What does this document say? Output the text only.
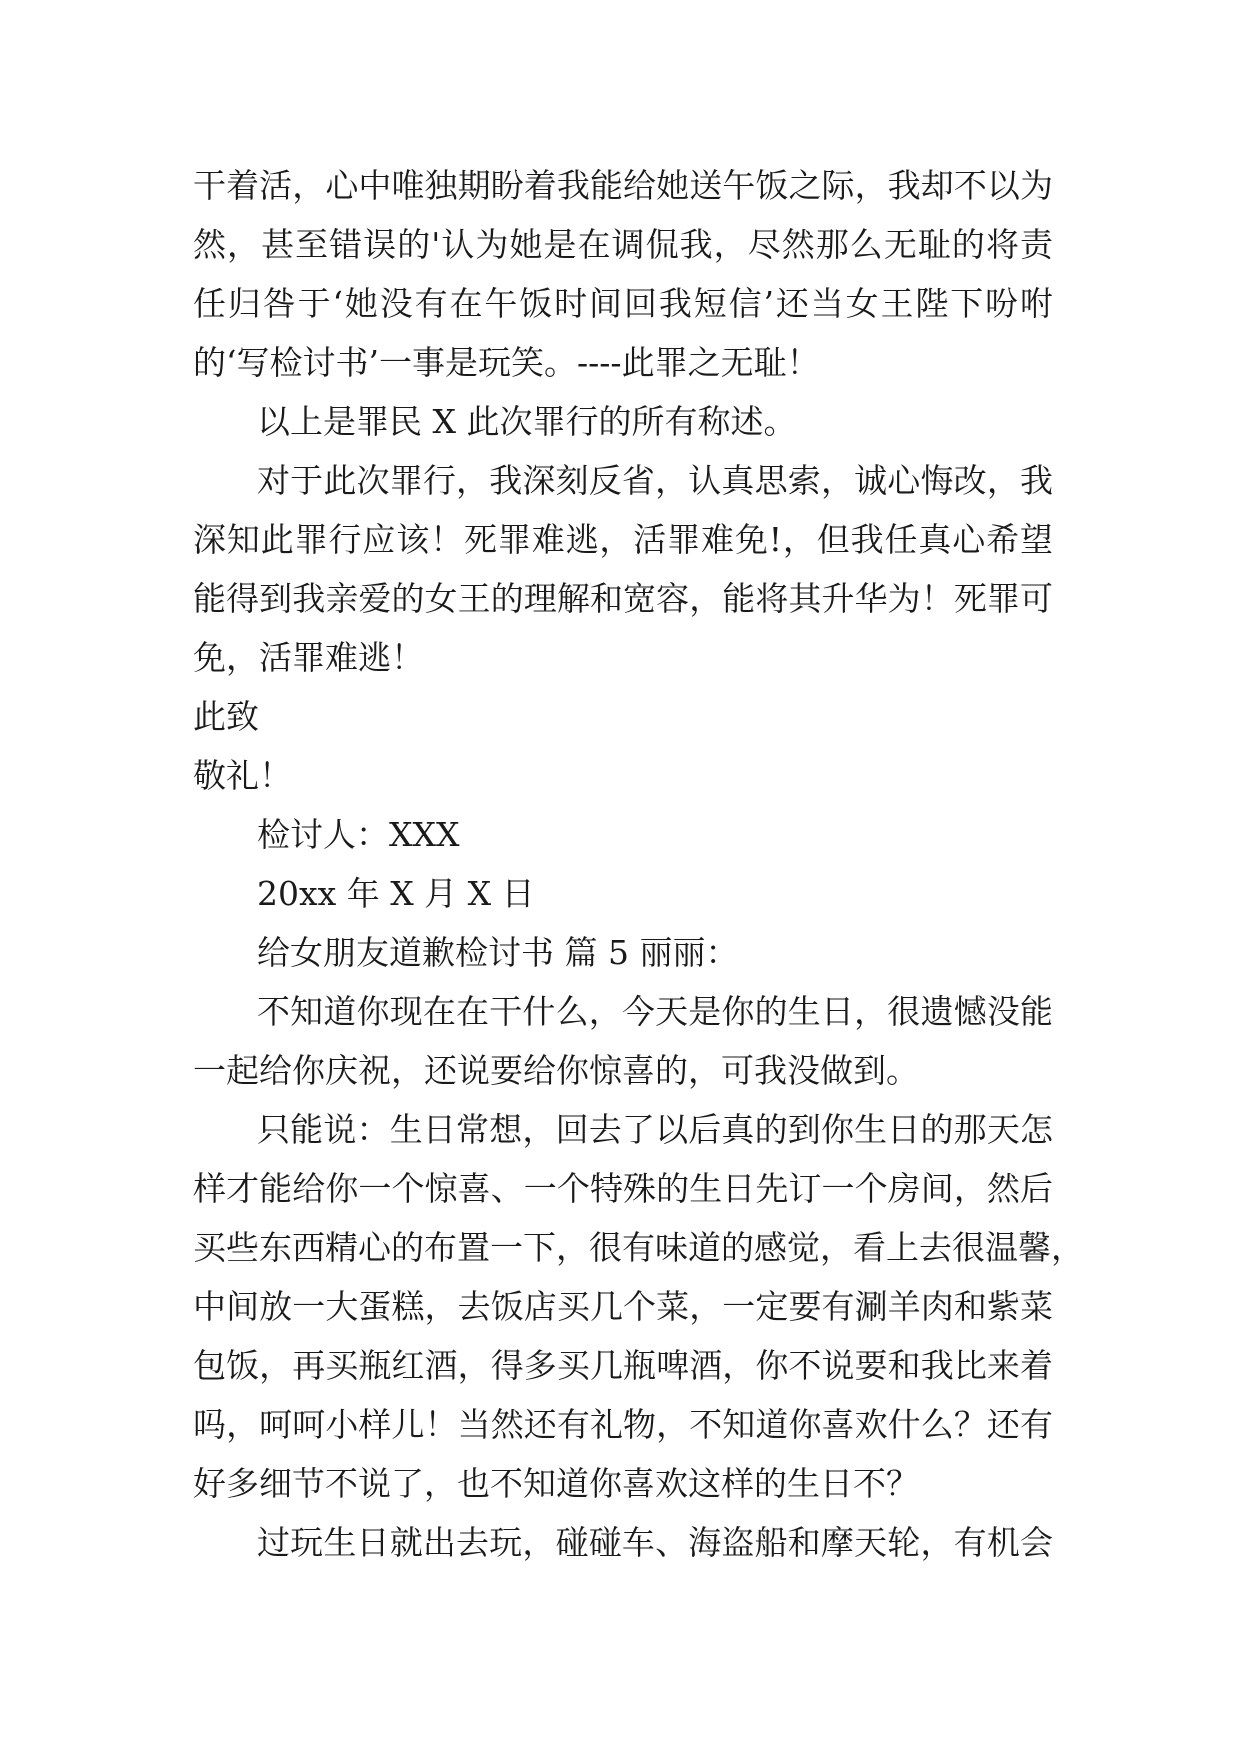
干着活，心中唯独期盼着我能给她送午饭之际，我却不以为

然，甚至错误的'认为她是在调侃我，尽然那么无耻的将责

任归咎于‘她没有在午饭时间回我短信’还当女王陛下吩咐

的‘写检讨书’一事是玩笑。----此罪之无耻！

以上是罪民 X 此次罪行的所有称述。

对于此次罪行，我深刻反省，认真思索，诚心悔改，我

深知此罪行应该！死罪难逃，活罪难免!，但我任真心希望

能得到我亲爱的女王的理解和宽容，能将其升华为！死罪可

免，活罪难逃！

此致

敬礼！

检讨人：XXX

20xx 年 X 月 X 日

给女朋友道歉检讨书 篇 5 丽丽：

不知道你现在在干什么，今天是你的生日，很遗憾没能

一起给你庆祝，还说要给你惊喜的，可我没做到。

只能说：生日常想，回去了以后真的到你生日的那天怎

样才能给你一个惊喜、一个特殊的生日先订一个房间，然后

买些东西精心的布置一下，很有味道的感觉，看上去很温馨，

中间放一大蛋糕，去饭店买几个菜，一定要有涮羊肉和紫菜

包饭，再买瓶红酒，得多买几瓶啤酒，你不说要和我比来着

吗，呵呵小样儿！当然还有礼物，不知道你喜欢什么？还有

好多细节不说了，也不知道你喜欢这样的生日不？

过玩生日就出去玩，碰碰车、海盗船和摩天轮，有机会
